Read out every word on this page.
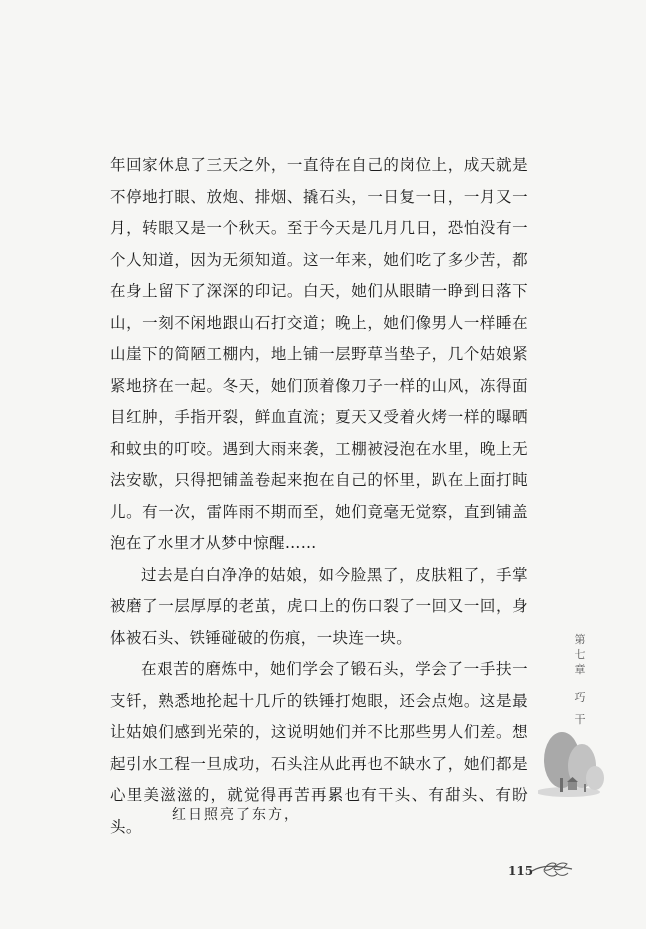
年回家休息了三天之外，一直待在自己的岗位上，成天就是不停地打眼、放炮、排烟、撬石头，一日复一日，一月又一月，转眼又是一个秋天。至于今天是几月几日，恐怕没有一个人知道，因为无须知道。这一年来，她们吃了多少苦，都在身上留下了深深的印记。白天，她们从眼睛一睁到日落下山，一刻不闲地跟山石打交道；晚上，她们像男人一样睡在山崖下的简陋工棚内，地上铺一层野草当垫子，几个姑娘紧紧地挤在一起。冬天，她们顶着像刀子一样的山风，冻得面目红肿，手指开裂，鲜血直流；夏天又受着火烤一样的曝晒和蚊虫的叮咬。遇到大雨来袭，工棚被浸泡在水里，晚上无法安歇，只得把铺盖卷起来抱在自己的怀里，趴在上面打盹儿。有一次，雷阵雨不期而至，她们竟毫无觉察，直到铺盖泡在了水里才从梦中惊醒……

过去是白白净净的姑娘，如今脸黑了，皮肤粗了，手掌被磨了一层厚厚的老茧，虎口上的伤口裂了一回又一回，身体被石头、铁锤碰破的伤痕，一块连一块。

在艰苦的磨炼中，她们学会了锻石头，学会了一手扶一支钎，熟悉地抡起十几斤的铁锤打炮眼，还会点炮。这是最让姑娘们感到光荣的，这说明她们并不比那些男人们差。想起引水工程一旦成功，石头注从此再也不缺水了，她们都是心里美滋滋的，就觉得再苦再累也有干头、有甜头、有盼头。

红日照亮了东方，
第七章
巧干
115
